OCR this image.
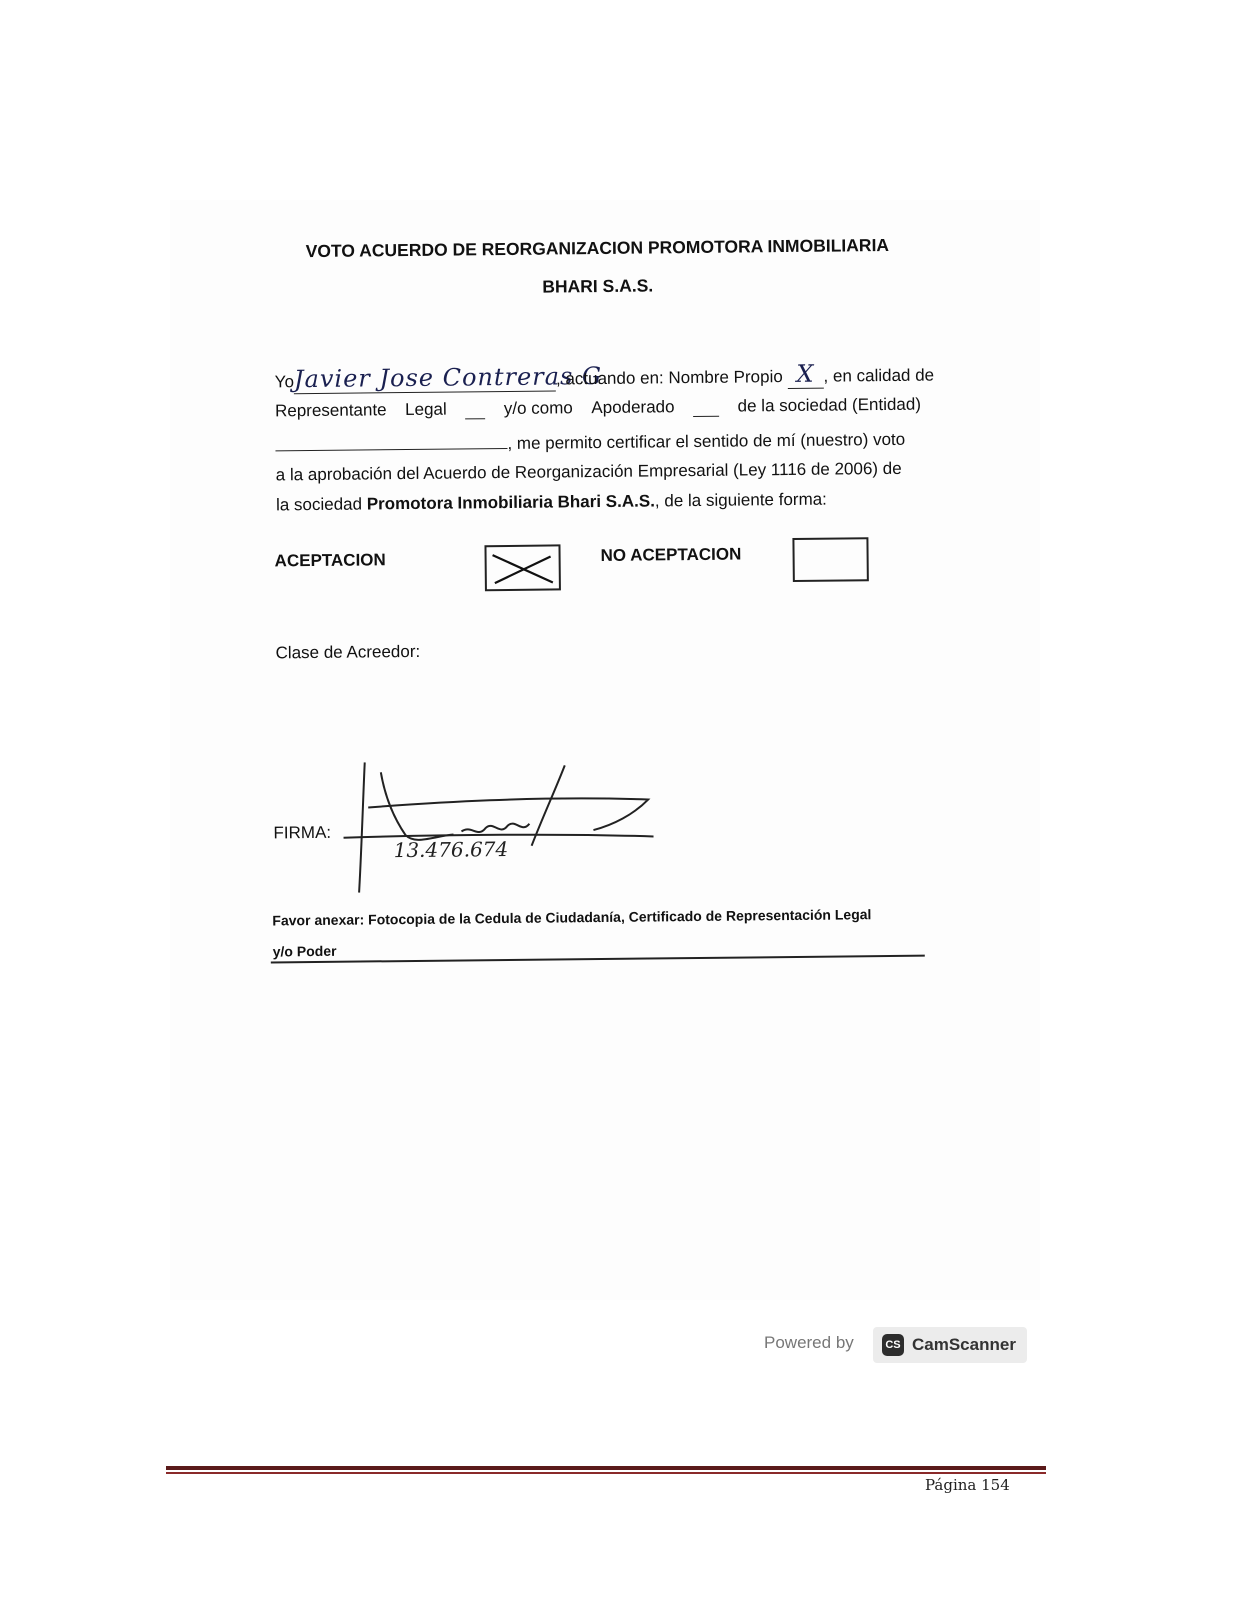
VOTO ACUERDO DE REORGANIZACION PROMOTORA INMOBILIARIA
BHARI S.A.S.
YoJavier Jose Contreras G, actuando en: Nombre Propio X , en calidad de
Representante Legal	y/o como Apoderado	de la sociedad (Entidad)
, me permito certificar el sentido de mí (nuestro) voto
a la aprobación del Acuerdo de Reorganización Empresarial (Ley 1116 de 2006) de
la sociedad Promotora Inmobiliaria Bhari S.A.S., de la siguiente forma:
ACEPTACION	NO ACEPTACION
Clase de Acreedor:
FIRMA:
13.476.674
Favor anexar: Fotocopia de la Cedula de Ciudadanía, Certificado de Representación Legal
y/o Poder
Powered by	CS CamScanner
Página 154
